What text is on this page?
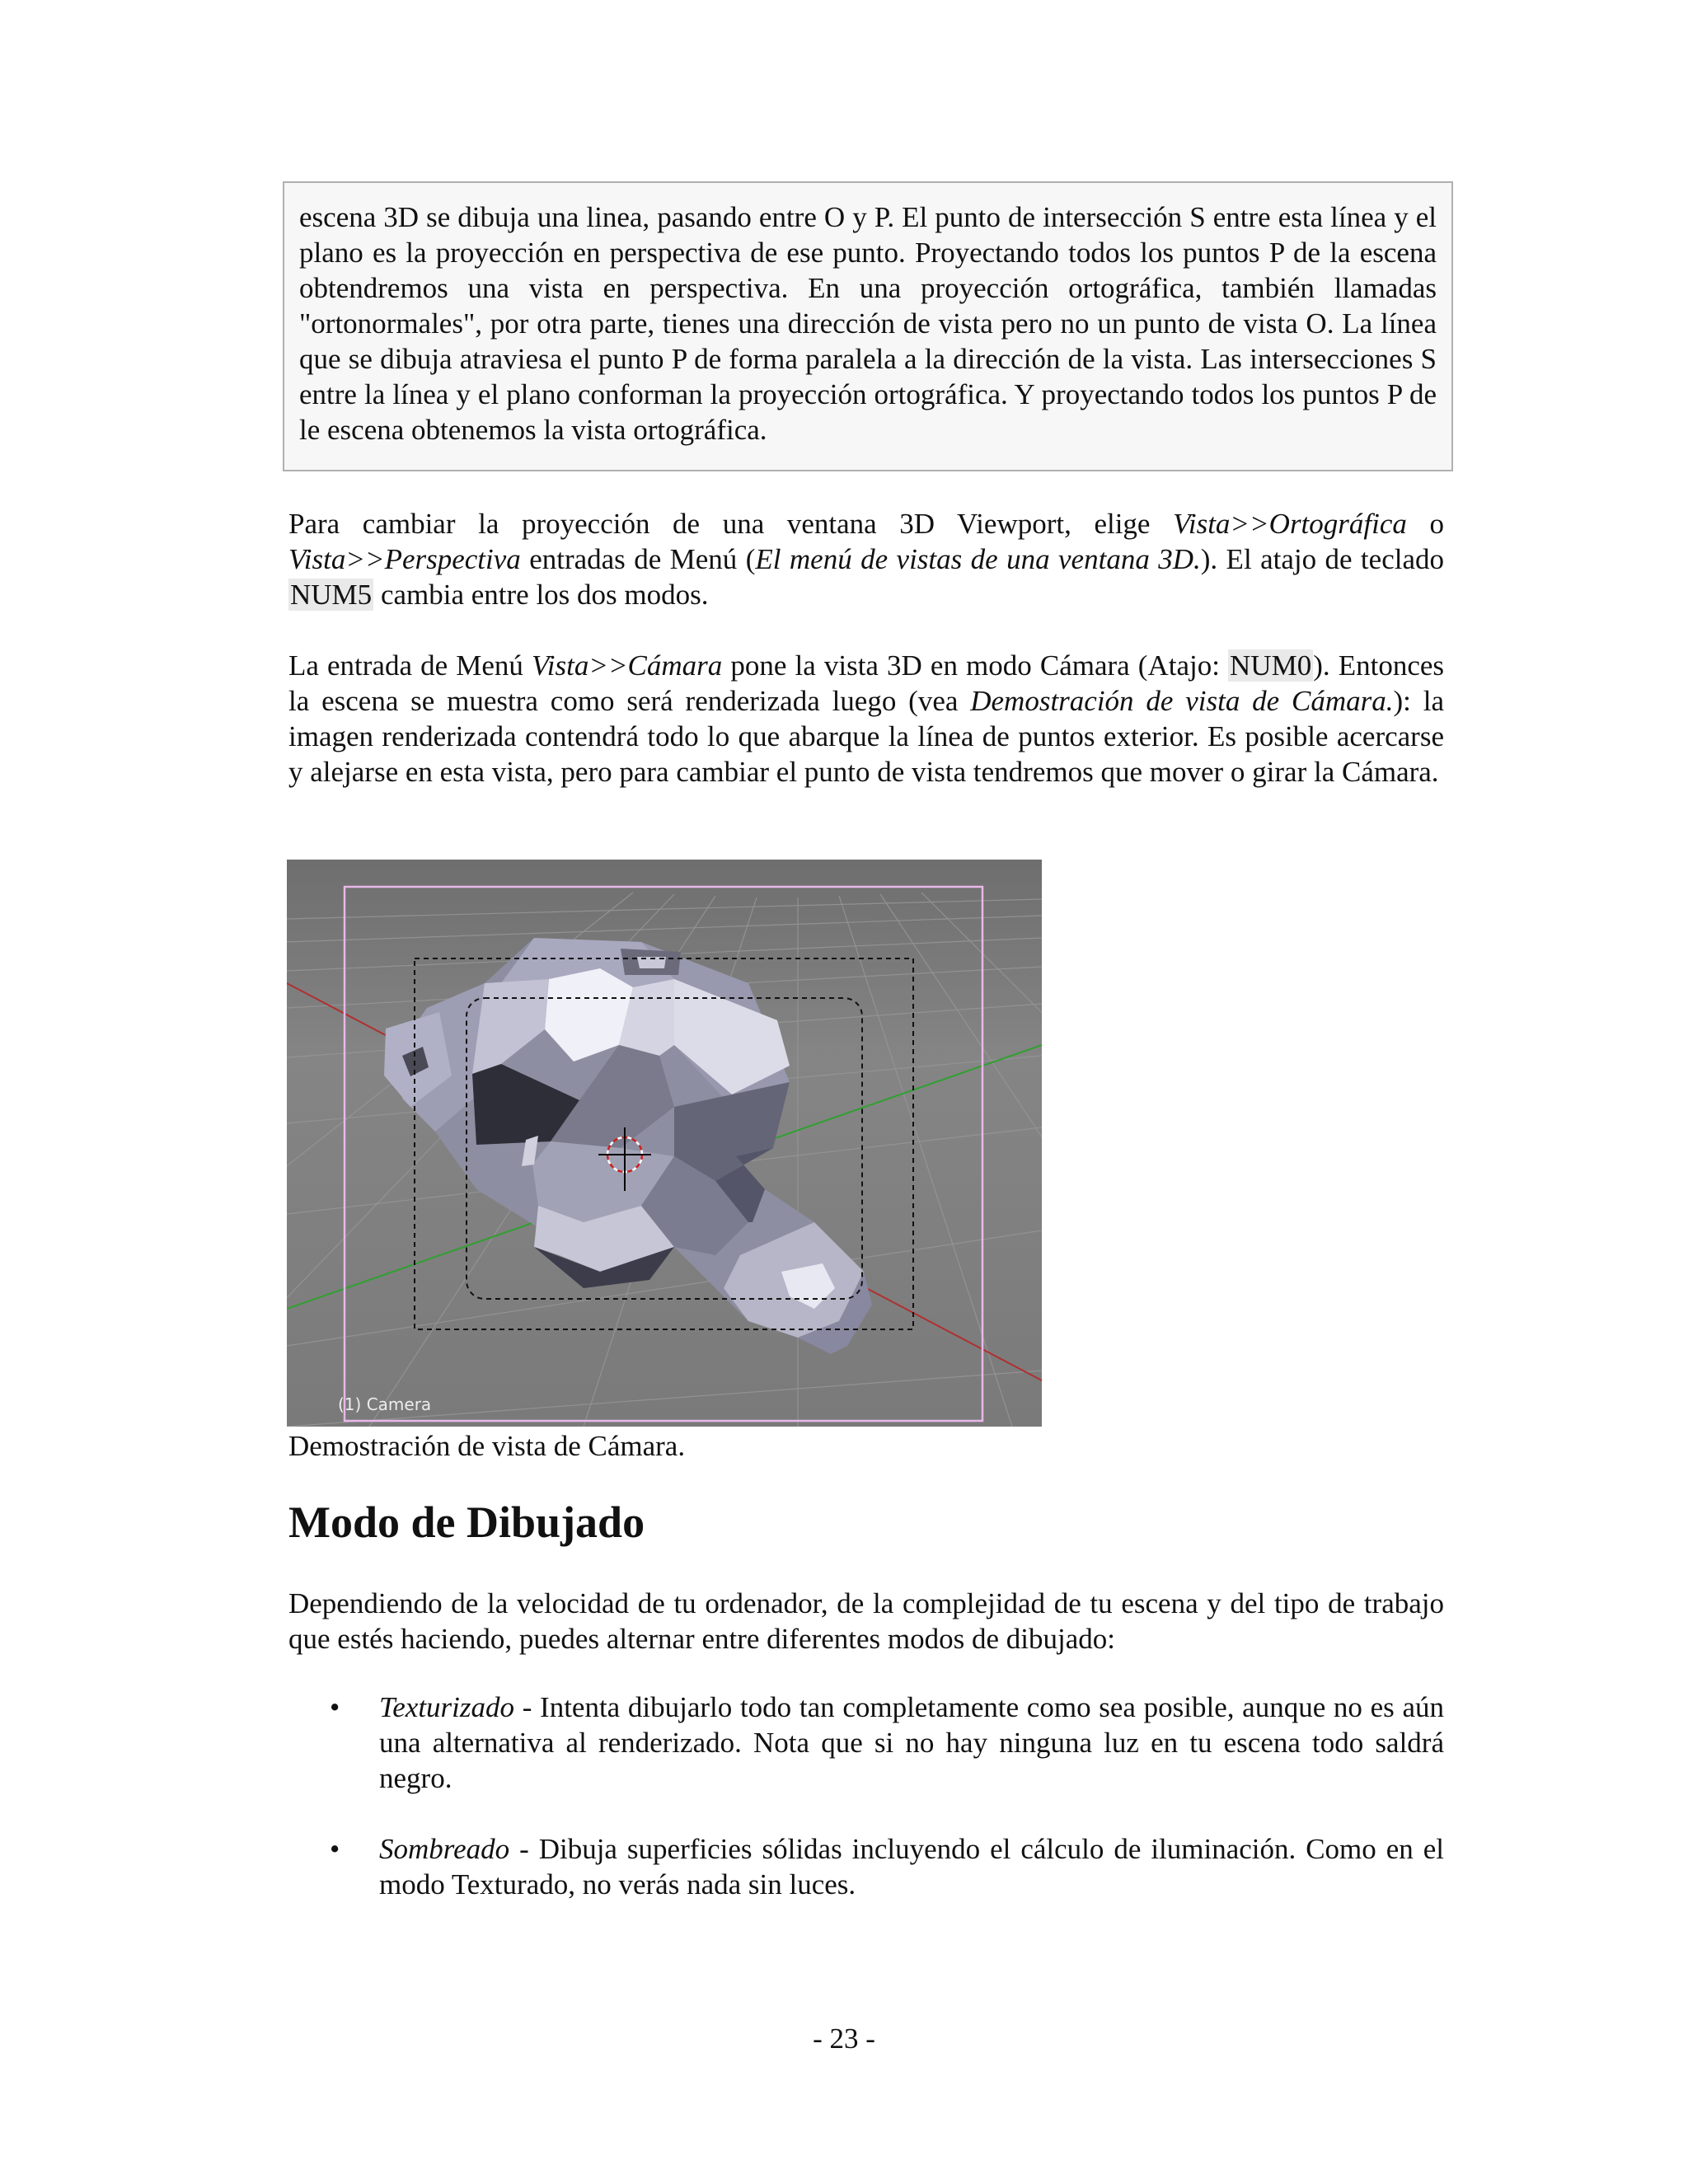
escena 3D se dibuja una linea, pasando entre O y P. El punto de intersección S entre esta línea y el plano es la proyección en perspectiva de ese punto. Proyectando todos los puntos P de la escena obtendremos una vista en perspectiva. En una proyección ortográfica, también llamadas "ortonormales", por otra parte, tienes una dirección de vista pero no un punto de vista O. La línea que se dibuja atraviesa el punto P de forma paralela a la dirección de la vista. Las intersecciones S entre la línea y el plano conforman la proyección ortográfica. Y proyectando todos los puntos P de le escena obtenemos la vista ortográfica.

Para cambiar la proyección de una ventana 3D Viewport, elige Vista>>Ortográfica o Vista>>Perspectiva entradas de Menú (El menú de vistas de una ventana 3D.). El atajo de teclado NUM5 cambia entre los dos modos.

La entrada de Menú Vista>>Cámara pone la vista 3D en modo Cámara (Atajo: NUM0). Entonces la escena se muestra como será renderizada luego (vea Demostración de vista de Cámara.): la imagen renderizada contendrá todo lo que abarque la línea de puntos exterior. Es posible acercarse y alejarse en esta vista, pero para cambiar el punto de vista tendremos que mover o girar la Cámara.

(1) Camera

Demostración de vista de Cámara.

Modo de Dibujado

Dependiendo de la velocidad de tu ordenador, de la complejidad de tu escena y del tipo de trabajo que estés haciendo, puedes alternar entre diferentes modos de dibujado:

• Texturizado - Intenta dibujarlo todo tan completamente como sea posible, aunque no es aún una alternativa al renderizado. Nota que si no hay ninguna luz en tu escena todo saldrá negro.
• Sombreado - Dibuja superficies sólidas incluyendo el cálculo de iluminación. Como en el modo Texturado, no verás nada sin luces.

- 23 -
